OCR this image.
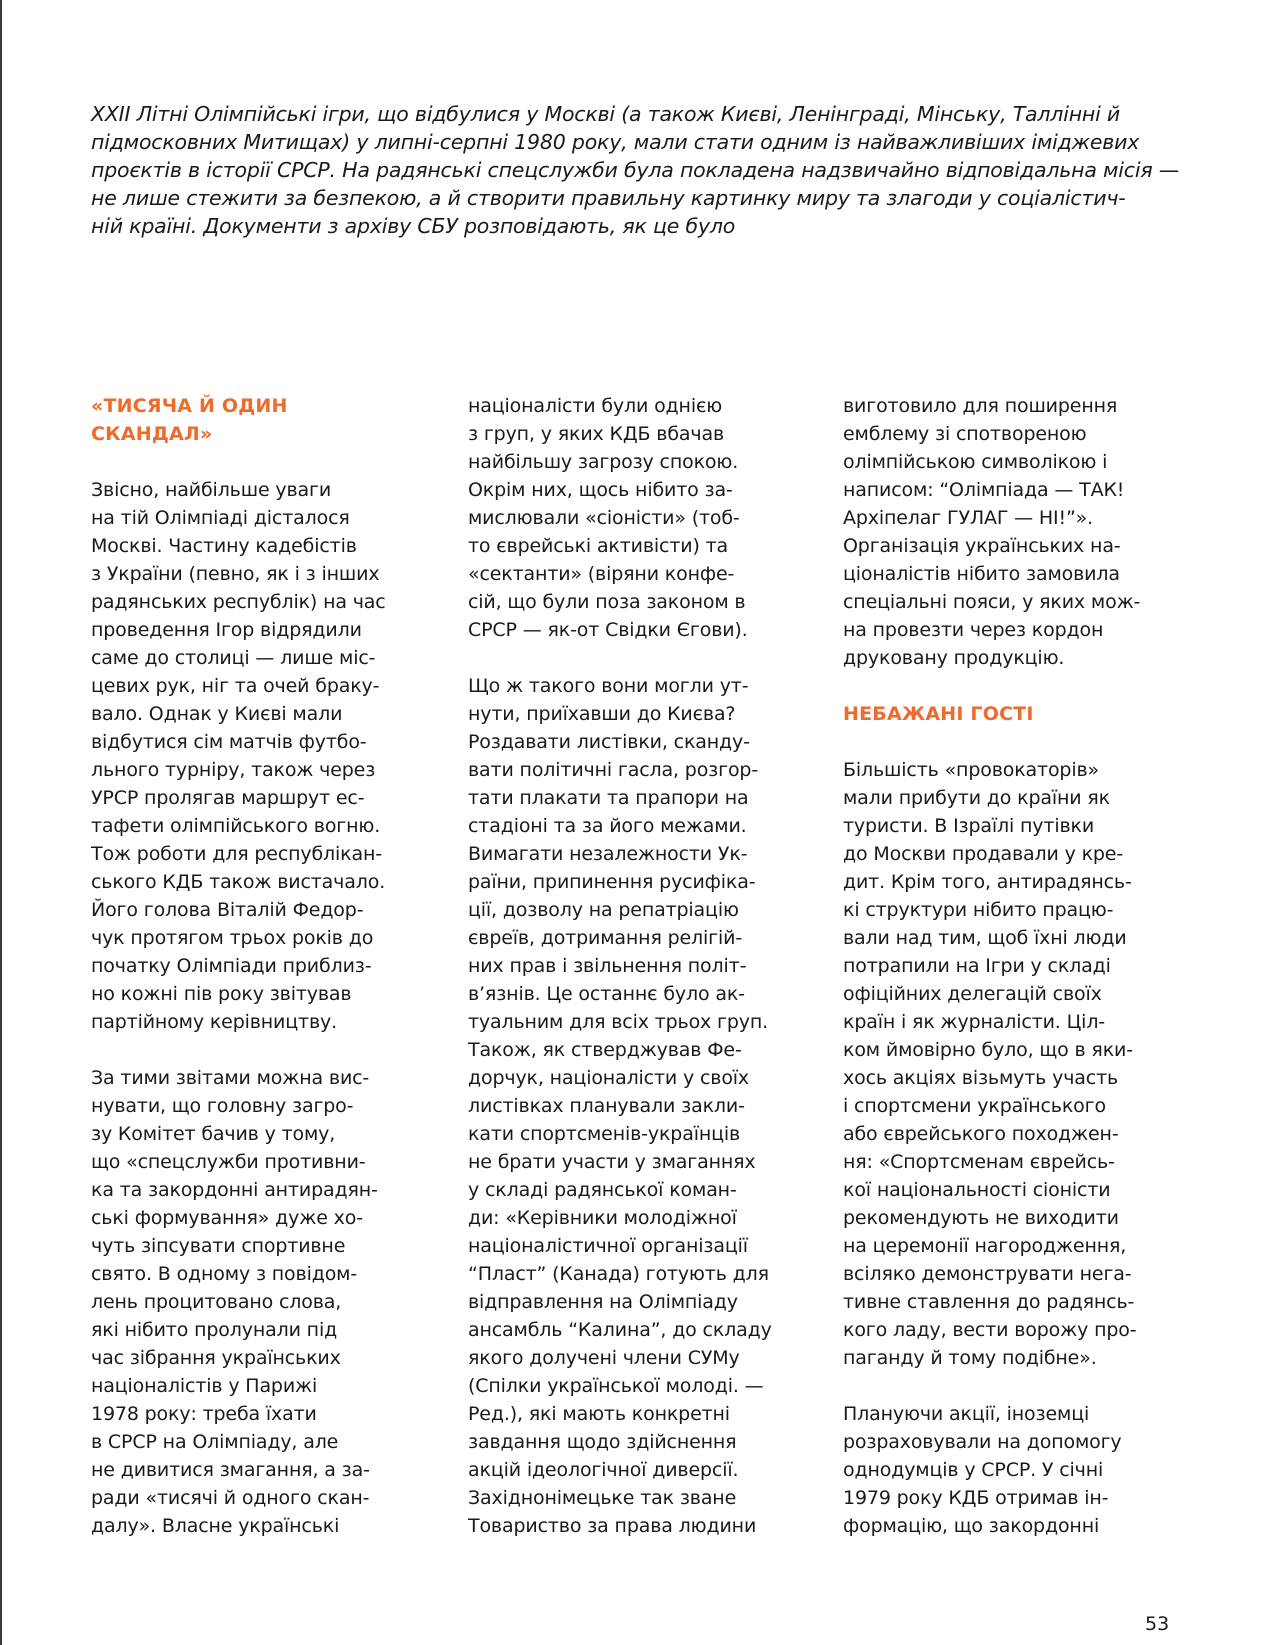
XXII Літні Олімпійські ігри, що відбулися у Москві (а також Києві, Ленінграді, Мінську, Таллінні й
підмосковних Митищах) у липні-серпні 1980 року, мали стати одним із найважливіших іміджевих
проєктів в історії СРСР. На радянські спецслужби була покладена надзвичайно відповідальна місія —
не лише стежити за безпекою, а й створити правильну картинку миру та злагоди у соціалістич-
ній країні. Документи з архіву СБУ розповідають, як це було

«ТИСЯЧА Й ОДИН
СКАНДАЛ»
Звісно, найбільше уваги
на тій Олімпіаді дісталося
Москві. Частину кадебістів
з України (певно, як і з інших
радянських республік) на час
проведення Ігор відрядили
саме до столиці — лише міс-
цевих рук, ніг та очей браку-
вало. Однак у Києві мали
відбутися сім матчів футбо-
льного турніру, також через
УРСР пролягав маршрут ес-
тафети олімпійського вогню.
Тож роботи для республікан-
ського КДБ також вистачало.
Його голова Віталій Федор-
чук протягом трьох років до
початку Олімпіади приблиз-
но кожні пів року звітував
партійному керівництву.
За тими звітами можна вис-
нувати, що головну загро-
зу Комітет бачив у тому,
що «спецслужби противни-
ка та закордонні антирадян-
ські формування» дуже хо-
чуть зіпсувати спортивне
свято. В одному з повідом-
лень процитовано слова,
які нібито пролунали під
час зібрання українських
націоналістів у Парижі
1978 року: треба їхати
в СРСР на Олімпіаду, але
не дивитися змагання, а за-
ради «тисячі й одного скан-
далу». Власне українські
націоналісти були однією
з груп, у яких КДБ вбачав
найбільшу загрозу спокою.
Окрім них, щось нібито за-
мислювали «сіоністи» (тоб-
то єврейські активісти) та
«сектанти» (віряни конфе-
сій, що були поза законом в
СРСР — як-от Свідки Єгови).
Що ж такого вони могли ут-
нути, приїхавши до Києва?
Роздавати листівки, сканду-
вати політичні гасла, розгор-
тати плакати та прапори на
стадіоні та за його межами.
Вимагати незалежности Ук-
раїни, припинення русифіка-
ції, дозволу на репатріацію
євреїв, дотримання релігій-
них прав і звільнення політ-
в’язнів. Це останнє було ак-
туальним для всіх трьох груп.
Також, як стверджував Фе-
дорчук, націоналісти у своїх
листівках планували закли-
кати спортсменів-українців
не брати участи у змаганнях
у складі радянської коман-
ди: «Керівники молодіжної
націоналістичної організації
“Пласт” (Канада) готують для
відправлення на Олімпіаду
ансамбль “Калина”, до складу
якого долучені члени СУМу
(Спілки української молоді. —
Ред.), які мають конкретні
завдання щодо здійснення
акцій ідеологічної диверсії.
Західнонімецьке так зване
Товариство за права людини
виготовило для поширення
емблему зі спотвореною
олімпійською символікою і
написом: “Олімпіада — ТАК!
Архіпелаг ГУЛАГ — НІ!”».
Організація українських на-
ціоналістів нібито замовила
спеціальні пояси, у яких мож-
на провезти через кордон
друковану продукцію.
НЕБАЖАНІ ГОСТІ
Більшість «провокаторів»
мали прибути до країни як
туристи. В Ізраїлі путівки
до Москви продавали у кре-
дит. Крім того, антирадянсь-
кі структури нібито працю-
вали над тим, щоб їхні люди
потрапили на Ігри у складі
офіційних делегацій своїх
країн і як журналісти. Ціл-
ком ймовірно було, що в яки-
хось акціях візьмуть участь
і спортсмени українського
або єврейського походжен-
ня: «Спортсменам єврейсь-
кої національності сіоністи
рекомендують не виходити
на церемонії нагородження,
всіляко демонструвати нега-
тивне ставлення до радянсь-
кого ладу, вести ворожу про-
паганду й тому подібне».
Плануючи акції, іноземці
розраховували на допомогу
однодумців у СРСР. У січні
1979 року КДБ отримав ін-
формацію, що закордонні
53
